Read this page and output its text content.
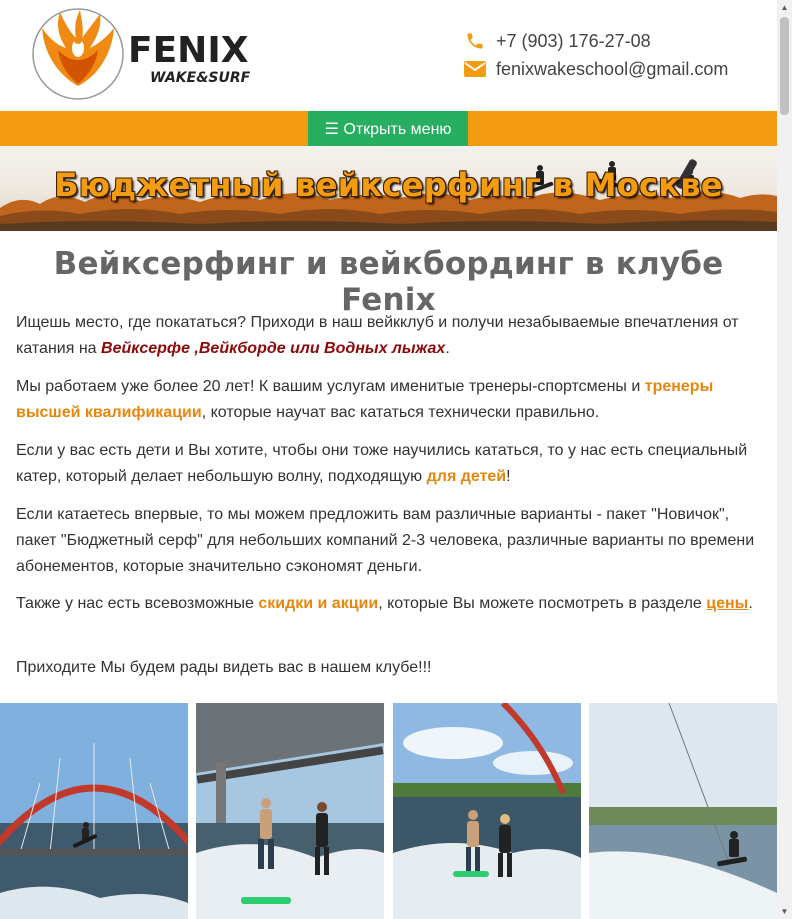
FENIX
WAKE&SURF
+7 (903) 176-27-08
fenixwakeschool@gmail.com
☰ Открыть меню
Бюджетный вейксерфинг в Москве
Вейксерфинг и вейкбординг в клубе Fenix

Ищешь место, где покататься? Приходи в наш вейкклуб и получи незабываемые впечатления от катания на Вейксерфе ,Вейкборде или Водных лыжах.

Мы работаем уже более 20 лет! К вашим услугам именитые тренеры-спортсмены и тренеры высшей квалификации, которые научат вас кататься технически правильно.

Если у вас есть дети и Вы хотите, чтобы они тоже научились кататься, то у нас есть специальный катер, который делает небольшую волну, подходящую для детей!

Если катаетесь впервые, то мы можем предложить вам различные варианты - пакет "Новичок", пакет "Бюджетный серф" для небольших компаний 2-3 человека, различные варианты по времени абонементов, которые значительно сэкономят деньги.

Также у нас есть всевозможные скидки и акции, которые Вы можете посмотреть в разделе цены.

Приходите Мы будем рады видеть вас в нашем клубе!!!

▲
▼
